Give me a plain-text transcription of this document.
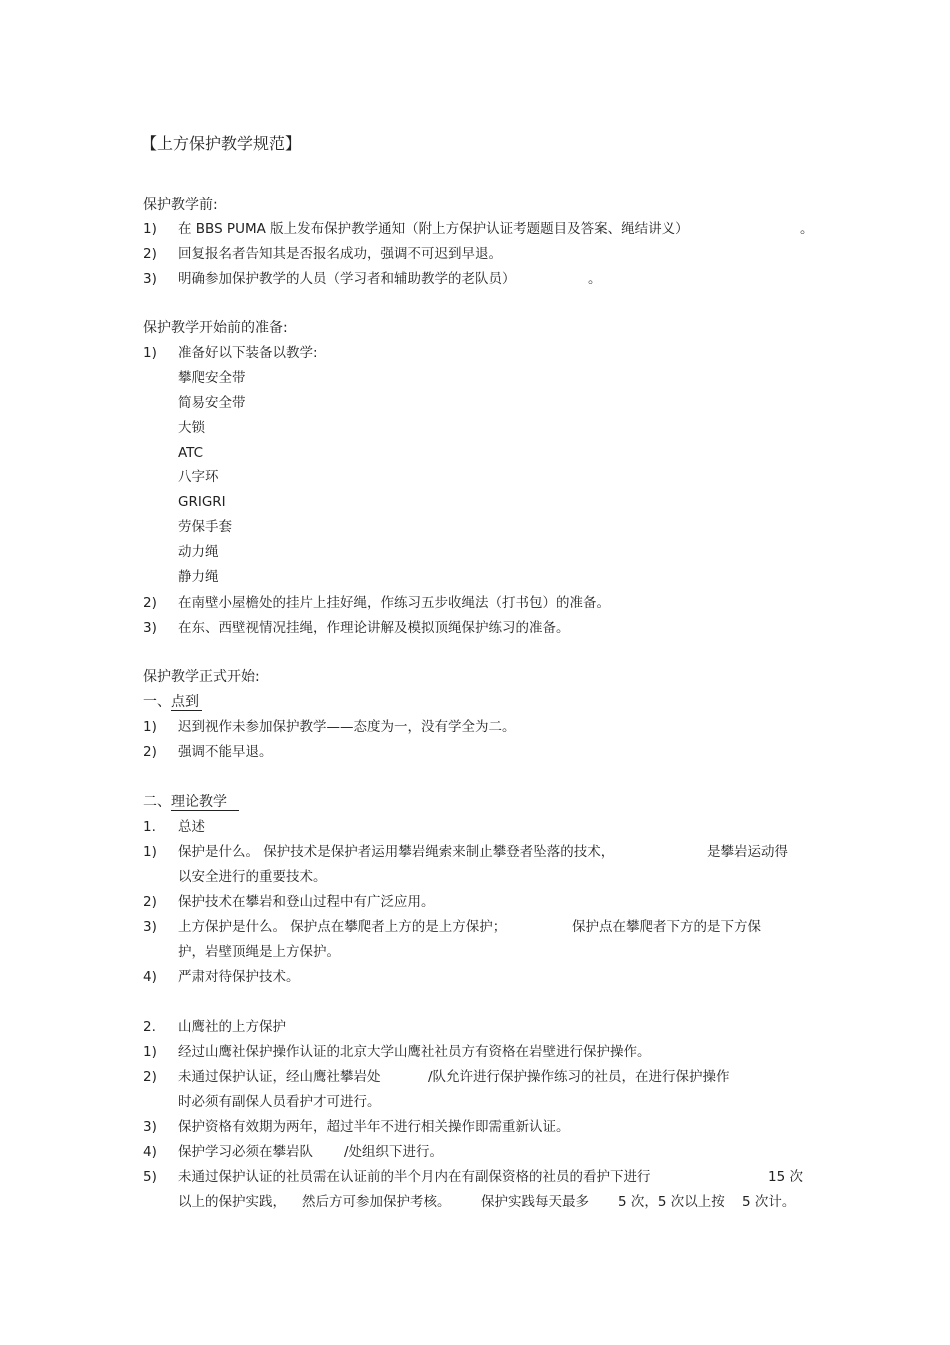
【上方保护教学规范】
保护教学前:
1) 在 BBS PUMA 版上发布保护教学通知（附上方保护认证考题题目及答案、绳结讲义）	。
2) 回复报名者告知其是否报名成功，强调不可迟到早退。
3) 明确参加保护教学的人员（学习者和辅助教学的老队员）	。
保护教学开始前的准备:
1) 准备好以下装备以教学:
攀爬安全带
简易安全带
大锁
ATC
八字环
GRIGRI
劳保手套
动力绳
静力绳
2) 在南壁小屋檐处的挂片上挂好绳，作练习五步收绳法（打书包）的准备。
3) 在东、西壁视情况挂绳，作理论讲解及模拟顶绳保护练习的准备。
保护教学正式开始:
一、点到
1) 迟到视作未参加保护教学——态度为一，没有学全为二。
2) 强调不能早退。
二、理论教学
1. 总述
1) 保护是什么。 保护技术是保护者运用攀岩绳索来制止攀登者坠落的技术，	是攀岩运动得
以安全进行的重要技术。
2) 保护技术在攀岩和登山过程中有广泛应用。
3) 上方保护是什么。 保护点在攀爬者上方的是上方保护；	保护点在攀爬者下方的是下方保
护，岩壁顶绳是上方保护。
4) 严肃对待保护技术。
2. 山鹰社的上方保护
1) 经过山鹰社保护操作认证的北京大学山鹰社社员方有资格在岩壁进行保护操作。
2) 未通过保护认证，经山鹰社攀岩处	/队允许进行保护操作练习的社员，在进行保护操作
时必须有副保人员看护才可进行。
3) 保护资格有效期为两年，超过半年不进行相关操作即需重新认证。
4) 保护学习必须在攀岩队 /处组织下进行。
5) 未通过保护认证的社员需在认证前的半个月内在有副保资格的社员的看护下进行	15 次
以上的保护实践， 然后方可参加保护考核。 保护实践每天最多 5 次，5 次以上按 5 次计。
